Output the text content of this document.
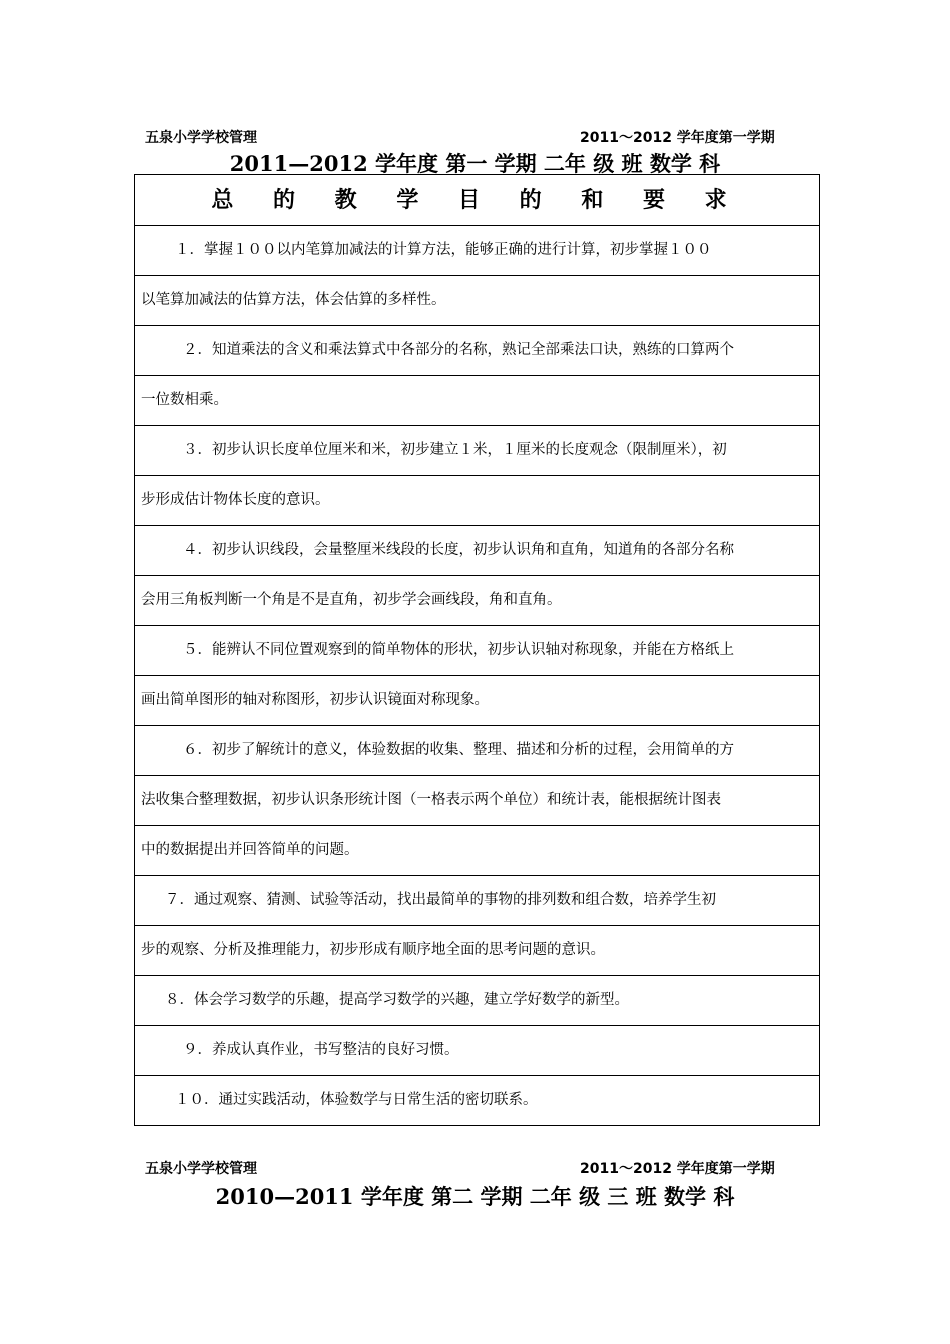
五泉小学学校管理	2011～2012 学年度第一学期
2011—2012 学年度 第一 学期 二年 级 班 数学 科
总 的 教 学 目 的 和 要 求
１．掌握１００以内笔算加减法的计算方法，能够正确的进行计算，初步掌握１００
以笔算加减法的估算方法，体会估算的多样性。
２．知道乘法的含义和乘法算式中各部分的名称，熟记全部乘法口诀，熟练的口算两个
一位数相乘。
３．初步认识长度单位厘米和米，初步建立１米，１厘米的长度观念（限制厘米），初
步形成估计物体长度的意识。
４．初步认识线段，会量整厘米线段的长度，初步认识角和直角，知道角的各部分名称
会用三角板判断一个角是不是直角，初步学会画线段，角和直角。
５．能辨认不同位置观察到的简单物体的形状，初步认识轴对称现象，并能在方格纸上
画出简单图形的轴对称图形，初步认识镜面对称现象。
６．初步了解统计的意义，体验数据的收集、整理、描述和分析的过程，会用简单的方
法收集合整理数据，初步认识条形统计图（一格表示两个单位）和统计表，能根据统计图表
中的数据提出并回答简单的问题。
７．通过观察、猜测、试验等活动，找出最简单的事物的排列数和组合数，培养学生初
步的观察、分析及推理能力，初步形成有顺序地全面的思考问题的意识。
８．体会学习数学的乐趣，提高学习数学的兴趣，建立学好数学的新型。
９．养成认真作业，书写整洁的良好习惯。
１０．通过实践活动，体验数学与日常生活的密切联系。
五泉小学学校管理	2011～2012 学年度第一学期
2010—2011 学年度 第二 学期 二年 级 三 班 数学 科
